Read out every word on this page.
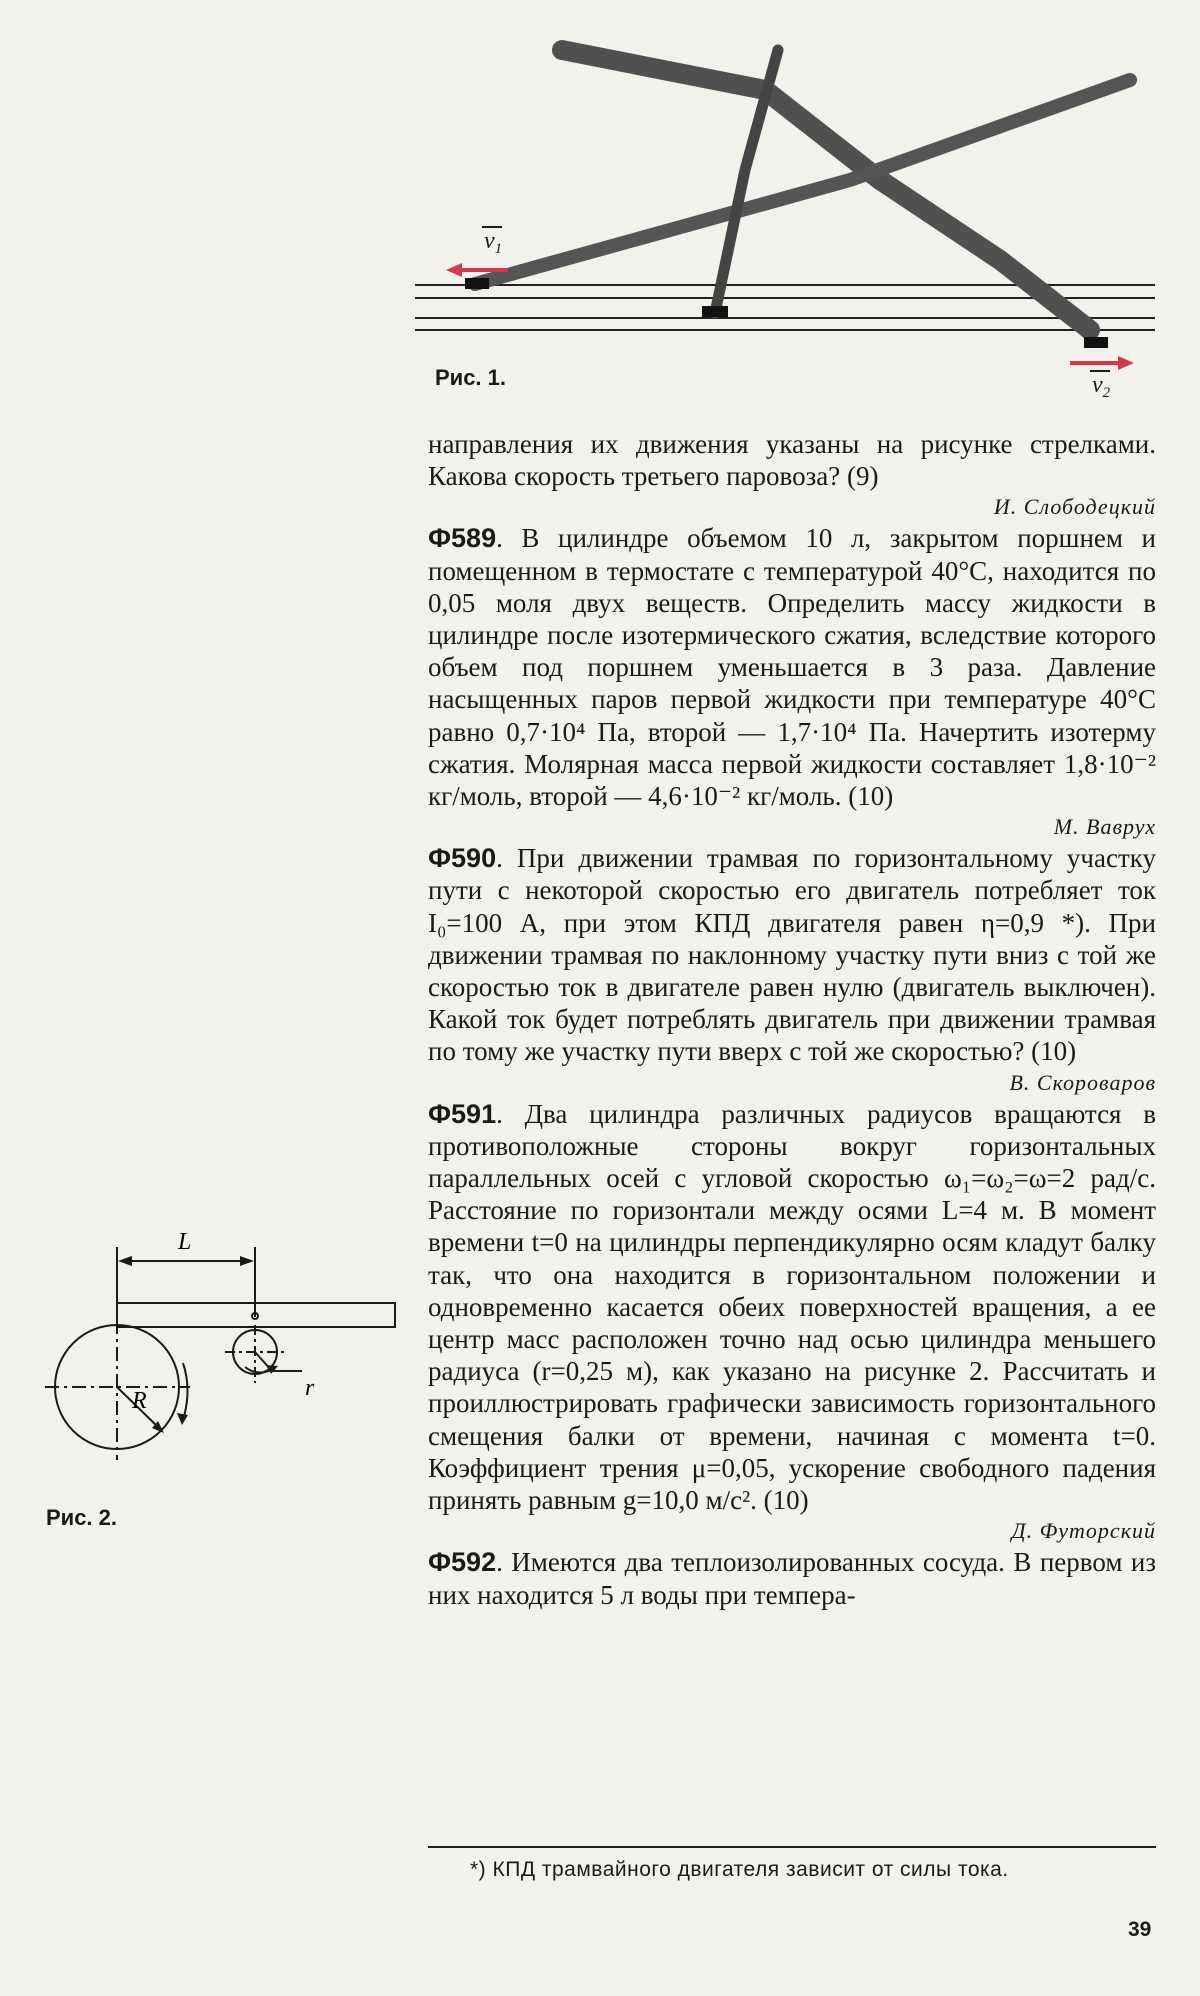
$v_1$
$v_2$
Рис. 1.
L
R	r
Рис. 2.

направления их движения указаны на рисунке стрелками. Какова скорость третьего паровоза? (9)

И. Слободецкий

Ф589. В цилиндре объемом 10 л, закрытом поршнем и помещенном в термостате с температурой 40°С, находится по 0,05 моля двух веществ. Определить массу жидкости в цилиндре после изотермического сжатия, вследствие которого объем под поршнем уменьшается в 3 раза. Давление насыщенных паров первой жидкости при температуре 40°С равно 0,7·10⁴ Па, второй — 1,7·10⁴ Па. Начертить изотерму сжатия. Молярная масса первой жидкости составляет 1,8·10⁻² кг/моль, второй — 4,6·10⁻² кг/моль. (10)

М. Ваврух

Ф590. При движении трамвая по горизонтальному участку пути с некоторой скоростью его двигатель потребляет ток I₀=100 А, при этом КПД двигателя равен η=0,9 *). При движении трамвая по наклонному участку пути вниз с той же скоростью ток в двигателе равен нулю (двигатель выключен). Какой ток будет потреблять двигатель при движении трамвая по тому же участку пути вверх с той же скоростью? (10)

В. Скороваров

Ф591. Два цилиндра различных радиусов вращаются в противоположные стороны вокруг горизонтальных параллельных осей с угловой скоростью ω₁=ω₂=ω=2 рад/с. Расстояние по горизонтали между осями L=4 м. В момент времени t=0 на цилиндры перпендикулярно осям кладут балку так, что она находится в горизонтальном положении и одновременно касается обеих поверхностей вращения, а ее центр масс расположен точно над осью цилиндра меньшего радиуса (r=0,25 м), как указано на рисунке 2. Рассчитать и проиллюстрировать графически зависимость горизонтального смещения балки от времени, начиная с момента t=0. Коэффициент трения μ=0,05, ускорение свободного падения принять равным g=10,0 м/с². (10)

Д. Футорский

Ф592. Имеются два теплоизолированных сосуда. В первом из них находится 5 л воды при темпера-

*) КПД трамвайного двигателя зависит от силы тока.
39
